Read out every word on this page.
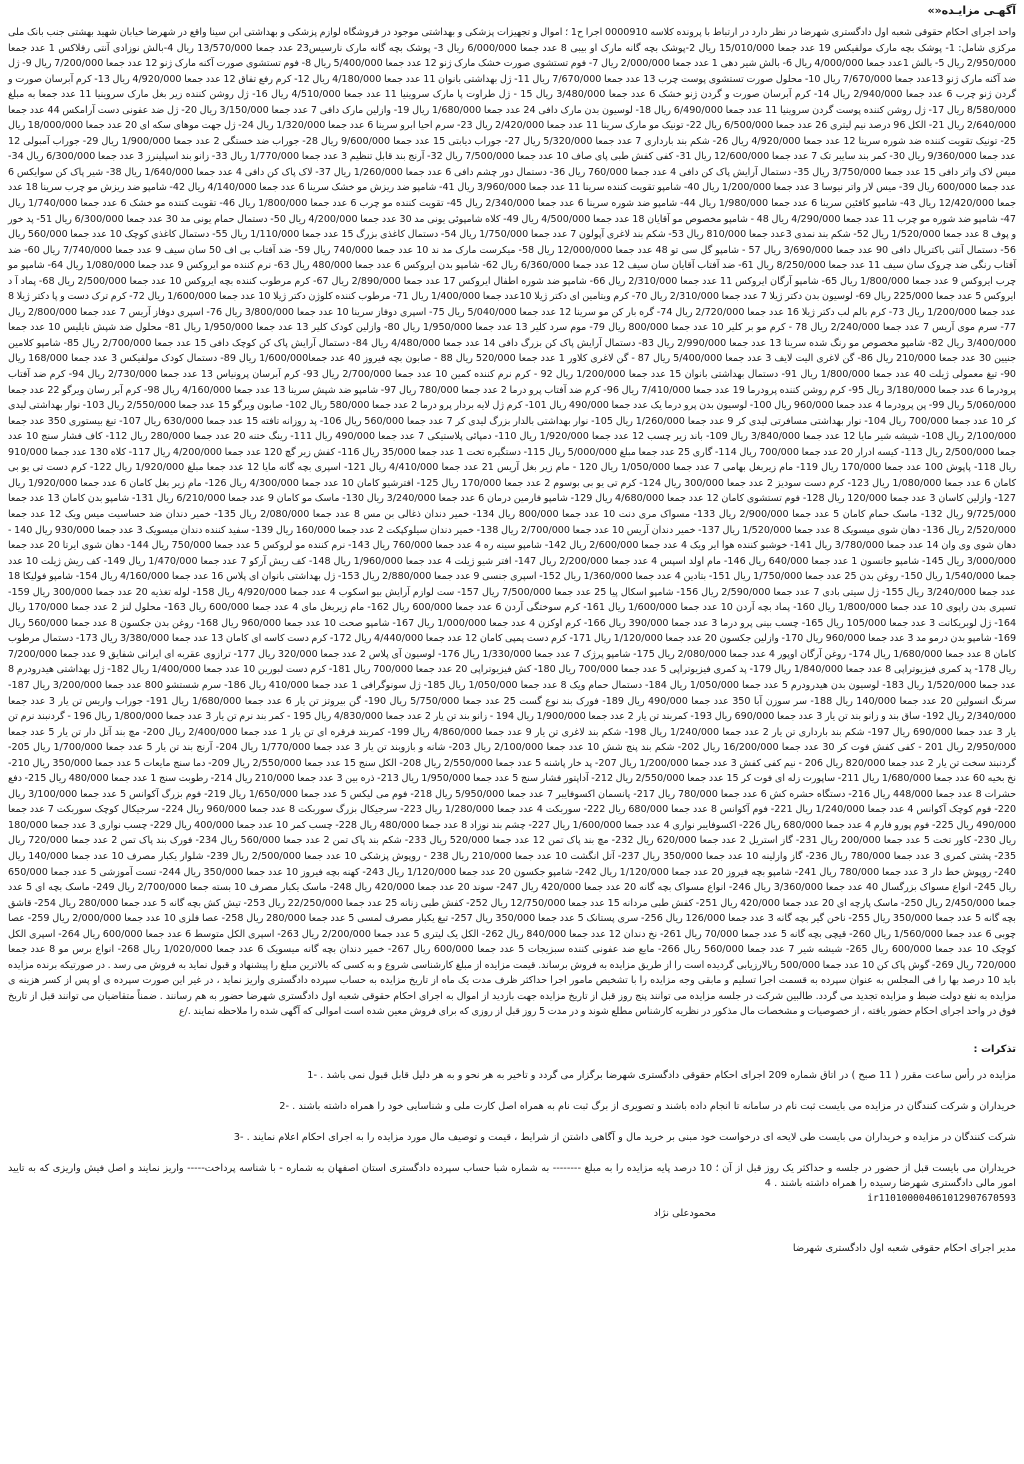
آگهـی مزایـده«»

واحد اجرای احکام حقوقی شعبه اول دادگستری شهرضا در نظر دارد در ارتباط با پرونده کلاسه 0000910 اجرا ح1 ؛ اموال و تجهیزات پزشکی و بهداشتی موجود در فروشگاه لوازم پزشکی و بهداشتی ابن سینا واقع در شهرضا خیابان شهید بهشتی جنب بانک ملی مرکزی شامل: 1- پوشک بچه مارک مولفیکس 19 عدد جمعا 15/010/000 ریال 2-پوشک بچه گانه مارک او بیبی 8 عدد جمعا 6/000/000 ریال 3- پوشک بچه گانه مارک نارسیس23 عدد جمعا 13/570/000 ریال 4-بالش نوزادی آنتی رفلاکس 1 عدد جمعا 2/950/000 ریال 5- بالش 1عدد جمعا 4/000/000 ریال 6- بالش شیر دهی 1 عدد جمعا 2/000/000 ریال 7- فوم تستشوی صورت خشک مارک ژنو 12 عدد جمعا 5/400/000 ریال 8- فوم تستشوی صورت آکنه مارک ژنو 12 عدد جمعا 7/200/000 ریال 9- ژل ضد آکنه مارک ژنو 13عدد جمعا 7/670/000 ریال 10- محلول صورت تستشوی پوست چرب 13 عدد جمعا 7/670/000 ریال 11- ژل بهداشتی بانوان 11 عدد جمعا 4/180/000 ریال 12- کرم رفع تفاق 12 عدد جمعا 4/920/000 ریال 13- کرم آبرسان صورت و گردن ژنو چرب 6 عدد جمعا 2/940/000 ریال 14- کرم آبرسان صورت و گردن ژنو خشک 6 عدد جمعا 3/480/000 ریال 15 - ژل طراوت پا مارک سروینیا 11 عدد جمعا 4/510/000 ریال 16- ژل روشن کننده زیر بغل مارک سروینیا 11 عدد جمعا به مبلغ 8/580/000 ریال 17- ژل روشن کننده پوست گردن سروینیا 11 عدد جمعا 6/490/000 ریال 18- لوسیون بدن مارک دافی 24 عدد جمعا 1/680/000 ریال 19- وازلین مارک دافی 7 عدد جمعا 3/150/000 ریال 20- ژل ضد عفونی دست آرامکس 44 عدد جمعا 2/640/000 ریال 21- الکل 96 درصد نیم لیتری 26 عدد جمعا 6/500/000 ریال 22- تونیک مو مارک سرینا 11 عدد جمعا 2/420/000 ریال 23- سرم احیا ابرو سرینا 6 عدد جمعا 1/320/000 ریال 24- ژل جهت موهای سکه ای 20 عدد جمعا 18/000/000 ریال 25- تونیک تقویت کننده ضد شوره سرینا 12 عدد جمعا 4/920/000 ریال 26- شکم بند بارداری 7 عدد جمعا 5/320/000 ریال 27- جوراب دیابتی 15 عدد جمعا 9/600/000 ریال 28- جوراب ضد خستگی 2 عدد جمعا 1/900/000 ریال 29- جوراب آمبولی 12 عدد جمعا 9/360/000 ریال 30- کمر بند سایبر تک 7 عدد جمعا 12/600/000 ریال 31- کفی کفش طبی پای صاف 10 عدد جمعا 7/500/000 ریال 32- آرنج بند قابل تنظیم 3 عدد جمعا 1/770/000 ریال 33- زانو بند اسپلینرز 3 عدد جمعا 6/300/000 ریال 34- میس لاک واتر دافی 15 عدد جمعا 3/750/000 ریال 35- دستمال آرایش پاک کن دافی 4 عدد جمعا 760/000 ریال 36- دستمال دور چشم دافی 6 عدد جمعا 1/260/000 ریال 37- لاک پاک کن دافی 4 عدد جمعا 1/640/000 ریال 38- شیر پاک کن سوایکس 6 عدد جمعا 600/000 ریال 39- میس لار واتر نیوسا 3 عدد جمعا 1/200/000 ریال 40- شامپو تقویت کننده سرینا 11 عدد جمعا 3/960/000 ریال 41- شامپو ضد ریزش مو خشک سرینا 6 عدد جمعا 4/140/000 ریال 42- شامپو ضد ریزش مو چرب سرینا 18 عدد جمعا 12/420/000 ریال 43- شامپو کافئین سرینا 6 عدد جمعا 1/980/000 ریال 44- شامپو ضد شوره سرینا 6 عدد جمعا 2/340/000 ریال 45- تقویت کننده مو چرب 6 عدد جمعا 1/800/000 ریال 46- تقویت کننده مو خشک 6 عدد جمعا 1/740/000 ریال 47- شامپو ضد شوره مو چرب 11 عدد جمعا 4/290/000 ریال 48 - شامپو مخصوص مو آقایان 18 عدد جمعا 4/500/000 ریال 49- کلاه شامپوئی یونی مد 30 عدد جمعا 4/200/000 ریال 50- دستمال حمام یونی مد 30 عدد جمعا 6/300/000 ریال 51- پد خور و پوف 8 عدد جمعا 1/520/000 ریال 52- شکم بند نمدی 3عدد جمعا 810/000 ریال 53- شکم بند لاغری آپولون 7 عدد جمعا 1/750/000 ریال 54- دستمال کاغذی بزرگ 15 عدد جمعا 1/110/000 ریال 55- دستمال کاغذی کوچک 10 عدد جمعا 560/000 ریال 56- دستمال آنتی باکتریال دافی 90 عدد جمعا 3/690/000 ریال 57 - شامپو گل سی تو 48 عدد جمعا 12/000/000 ریال 58- میکرست مارک مد ند 10 عدد جمعا 740/000 ریال 59- ضد آفتاب بی اف 50 سان سیف 9 عدد جمعا 7/740/000 ریال 60- ضد آفتاب رنگی ضد چروک سان سیف 11 عدد جمعا 8/250/000 ریال 61- ضد آفتاب آقایان سان سیف 12 عدد جمعا 6/360/000 ریال 62- شامپو بدن ایروکس 6 عدد جمعا 480/000 ریال 63- نرم کننده مو ایروکس 9 عدد جمعا 1/080/000 ریال 64- شامپو مو چرب ایروکس 9 عدد جمعا 1/800/000 ریال 65- شامپو آرگان ایروکس 11 عدد جمعا 2/310/000 ریال 66- شامپو ضد شوره اطفال ایروکس 17 عدد جمعا 2/890/000 ریال 67- کرم مرطوب کننده بچه ایروکس 10 عدد جمعا 2/500/000 ریال 68- پماد آ د ایروکس 5 عدد جمعا 225/000 ریال 69- لوسیون بدن دکتر ژیلا 7 عدد جمعا 2/310/000 ریال 70- کرم ویتامین ای دکتر ژیلا 10عدد جمعا 1/400/000 ریال 71- مرطوب کننده کلوژن دکتر ژیلا 10 عدد جمعا 1/600/000 ریال 72- کرم ترک دست و پا دکتر ژیلا 8 عدد جمعا 1/200/000 ریال 73- کرم بالم لب دکتر ژیلا 16 عدد جمعا 2/720/000 ریال 74- گره بار کن مو سرینا 12 عدد جمعا 5/040/000 ریال 75- اسپری دوفاز سرینا 10 عدد جمعا 3/800/000 ریال 76- اسپری دوفاز آریس 7 عدد جمعا 2/800/000 ریال 77- سرم موی آریس 7 عدد جمعا 2/240/000 ریال 78 - کرم مو بر کلیر 10 عدد جمعا 800/000 ریال 79- موم سرد کلیر 13 عدد جمعا 1/950/000 ریال 80- وازلین کودک کلیر 13 عدد جمعا 1/950/000 ریال 81- محلول ضد شپش نایلیس 10 عدد جمعا 3/400/000 ریال 82- شامپو مخصوص مو رنگ شده سرینا 13 عدد جمعا 2/990/000 ریال 83- دستمال آرایش پاک کن بزرگ دافی 14 عدد جمعا 4/480/000 ریال 84- دستمال آرایش پاک کن کوچک دافی 15 عدد جمعا 2/700/000 ریال 85- شامپو کلامین جنیین 30 عدد جمعا 210/000 ریال 86- گن لاغری الیت لایف 3 عدد جمعا 5/400/000 ریال 87 - گن لاغری کلاور 1 عدد جمعا 520/000 ریال 88 - صابون بچه فیروز 40 عدد جمعا1/600/000 ریال 89- دستمال کودک مولفیکس 3 عدد جمعا 168/000 ریال 90- تیغ معمولی ژیلت 40 عدد جمعا 1/800/000 ریال 91- دستمال بهداشتی بانوان 15 عدد جمعا 1/200/000 ریال 92 - کرم نرم کننده کمین 10 عدد جمعا 2/700/000 ریال 93- کرم آبرسان پرونیاس 13 عدد جمعا 2/730/000 ریال 94- کرم ضد آفتاب پرودرما 6 عدد جمعا 3/180/000 ریال 95- کرم روشن کننده پرودرما 19 عدد جمعا 7/410/000 ریال 96- کرم ضد آفتاب پرو درما 2 عدد جمعا 780/000 ریال 97- شامپو ضد شپش سرینا 13 عدد جمعا 4/160/000 ریال 98- کرم آبر رسان ویرگو 22 عدد جمعا 5/060/000 ریال 99- پن پرودرما 4 عدد جمعا 960/000 ریال 100- لوسیون بدن پرو درما یک عدد جمعا 490/000 ریال 101- کرم ژل لایه بردار پرو درما 2 عدد جمعا 580/000 ریال 102- صابون ویرگو 15 عدد جمعا 2/550/000 ریال 103- نوار بهداشتی لیدی کر 10 عدد جمعا 700/000 ریال 104- نوار بهداشتی مسافرتی لیدی کر 9 عدد جمعا 1/260/000 ریال 105- نوار بهداشتی بالدار بزرگ لیدی کر 7 عدد جمعا 560/000 ریال 106- پد روزانه تافته 15 عدد جمعا 630/000 ریال 107- تیغ بیستوری 350 عدد جمعا 2/100/000 ریال 108- شیشه شیر مایا 12 عدد جمعا 3/840/000 ریال 109- باند زیر چسب 12 عدد جمعا 1/920/000 ریال 110- دمپائی پلاستیکی 7 عدد جمعا 490/000 ریال 111- رینگ ختنه 20 عدد جمعا 280/000 ریال 112- کاف فشار سنج 10 عدد جمعا 2/500/000 ریال 113- کیسه ادرار 20 عدد جمعا 700/000 ریال 114- گاری 25 عدد جمعا مبلغ 5/000/000 ریال 115- دستگیره تخت 1 عدد جمعا 35/000 ریال 116- کفش زیر گچ 120 عدد جمعا 4/200/000 ریال 117- کلاه 130 عدد جمعا 910/000 ریال 118- پاپوش 100 عدد جمعا 170/000 ریال 119- مام زیربغل بهامی 7 عدد جمعا 1/050/000 ریال 120 - مام زیر بغل آریس 21 عدد جمعا 4/410/000 ریال 121- اسپری بچه گانه مایا 12 عدد جمعا مبلغ 1/920/000 ریال 122- کرم دست تی یو بی کامان 6 عدد جمعا 1/080/000 ریال 123- کرم دست سودیز 2 عدد جمعا 300/000 ریال 124- کرم تی یو بی بوسوم 2 عدد جمعا 170/000 ریال 125- افترشیو کامان 10 عدد جمعا 4/300/000 ریال 126- مام زیر بغل کامان 6 عدد جمعا 1/920/000 ریال 127- وازلین کاسان 3 عدد جمعا 120/000 ریال 128- فوم تستشوی کامان 12 عدد جمعا 4/680/000 ریال 129- شامپو فارمین درمان 6 عدد جمعا 3/240/000 ریال 130- ماسک مو کامان 9 عدد جمعا 6/210/000 ریال 131- شامپو بدن کامان 13 عدد جمعا 9/725/000 ریال 132- ماسک حمام کامان 5 عدد جمعا 2/900/000 ریال 133- مسواک مری دنت 10 عدد جمعا 800/000 ریال 134- خمیر دندان ذغالی بن مس 8 عدد جمعا 2/080/000 ریال 135- خمیر دندان ضد حساسیت میس ویک 12 عدد جمعا 2/520/000 ریال 136- دهان شوی میسویک 8 عدد جمعا 1/520/000 ریال 137- خمیر دندان آریس 10 عدد جمعا 2/700/000 ریال 138- خمیر دندان سیلوکپکت 2 عدد جمعا 160/000 ریال 139- سفید کننده دندان میسویک 3 عدد جمعا 930/000 ریال 140 - دهان شوی وی وان 14 عدد جمعا 3/780/000 ریال 141- خوشبو کننده هوا ایر ویک 4 عدد جمعا 2/600/000 ریال 142- شامپو سینه ره 4 عدد جمعا 760/000 ریال 143- نرم کننده مو لروکس 5 عدد جمعا 750/000 ریال 144- دهان شوی ایرتا 20 عدد جمعا 3/000/000 ریال 145- شامپو جانسون 1 عدد جمعا 640/000 ریال 146- مام اولد اسپس 4 عدد جمعا 2/200/000 ریال 147- افتر شیو ژیلت 4 عدد جمعا 1/960/000 ریال 148- کف ریش آرکو 7 عدد جمعا 1/470/000 ریال 149- کف ریش ژیلت 10 عدد جمعا 1/540/000 ریال 150- روغن بدن 25 عدد جمعا 1/750/000 ریال 151- بتادین 4 عدد جمعا 1/360/000 ریال 152- اسپری جنسی 9 عدد جمعا 2/880/000 ریال 153- ژل بهداشتی بانوان ای پلاس 16 عدد جمعا 4/160/000 ریال 154- شامپو فولیکا 18 عدد جمعا 3/240/000 ریال 155- ژل سیتی بادی 7 عدد جمعا 2/590/000 ریال 156- شامپو اسکال پیا 25 عدد جمعا 7/500/000 ریال 157- ست لوازم آرایش بیو اسکوب 4 عدد جمعا 4/920/000 ریال 158- لوله تغذیه 20 عدد جمعا 300/000 ریال 159- تسپری بدن راپوی 10 عدد جمعا 1/800/000 ریال 160- پماد بچه آردن 10 عدد جمعا 1/600/000 ریال 161- کرم سوختگی آردن 6 عدد جمعا 600/000 ریال 162- مام زیربغل مای 4 عدد جمعا 600/000 ریال 163- محلول لنز 2 عدد جمعا 170/000 ریال 164- ژل لوبریکانت 3 عدد جمعا 105/000 ریال 165- چسب بینی پرو درما 3 عدد جمعا 390/000 ریال 166- کرم اوکزن 4 عدد جمعا 1/000/000 ریال 167- شامپو صحت 10 عدد جمعا 960/000 ریال 168- روغن بدن جکسون 8 عدد جمعا 560/000 ریال 169- شامپو بدن درمو مد 3 عدد جمعا 960/000 ریال 170- وازلین جکسون 20 عدد جمعا 1/120/000 ریال 171- کرم دست پمپی کامان 12 عدد جمعا 4/440/000 ریال 172- کرم دست کاسه ای کامان 13 عدد جمعا 3/380/000 ریال 173- دستمال مرطوب کامان 8 عدد جمعا 1/680/000 ریال 174- روغن آرگان اوپور 4 عدد جمعا 2/080/000 ریال 175- شامپو پرژک 7 عدد جمعا 1/330/000 ریال 176- لوسیون آی پلاس 2 عدد جمعا 320/000 ریال 177- ترازوی عقربه ای ایرانی شفایق 9 عدد جمعا 7/200/000 ریال 178- پد کمری فیزیوتراپی 8 عدد جمعا 1/840/000 ریال 179- پد کمری فیزیوتراپی 5 عدد جمعا 700/000 ریال 180- کش فیزیوتراپی 20 عدد جمعا 700/000 ریال 181- کرم دست لبورین 10 عدد جمعا 1/400/000 ریال 182- ژل بهداشتی هیدرودرم 8 عدد جمعا 1/520/000 ریال 183- لوسیون بدن هیدرودرم 5 عدد جمعا 1/050/000 ریال 184- دستمال حمام ویک 8 عدد جمعا 1/050/000 ریال 185- ژل سونوگرافی 1 عدد جمعا 410/000 ریال 186- سرم شستشو 800 عدد جمعا 3/200/000 ریال 187- سرنگ انسولین 20 عدد جمعا 140/000 ریال 188- سر سوزن آبا 350 عدد جمعا 490/000 ریال 189- فورک بند نوع گست 25 عدد جمعا 5/750/000 ریال 190- گن بیروتز تن یار 6 عدد جمعا 1/680/000 ریال 191- جوراب واریس تن یار 3 عدد جمعا 2/340/000 ریال 192- ساق بند و زانو بند تن یار 3 عدد جمعا 690/000 ریال 193- کمربند تن یار 2 عدد جمعا 1/900/000 ریال 194 - زانو بند تن یار 2 عدد جمعا 4/830/000 ریال 195 - کمر بند نرم تن یار 3 عدد جمعا 1/800/000 ریال 196 - گردنبند نرم تن یار 3 عدد جمعا 690/000 ریال 197- شکم بند بارداری تن یار 2 عدد جمعا 1/240/000 ریال 198- شکم بند لاغری تن یار 9 عدد جمعا 4/860/000 ریال 199- کمربند فرقره ای تن یار 1 عدد جمعا 2/400/000 ریال 200- مچ بند آتل دار تن یار 5 عدد جمعا 2/950/000 ریال 201 - کفی کفش فوت کر 30 عدد جمعا 16/200/000 ریال 202- شکم بند پنج شش 10 عدد جمعا 2/100/000 ریال 203- شانه و بازوبند تن یار 3 عدد جمعا 1/770/000 ریال 204- آرنج بند تن یار 5 عدد جمعا 1/700/000 ریال 205- گردنبند سخت تن یار 2 عدد جمعا 820/000 ریال 206 - نیم کفی کفش 3 عدد جمعا 1/200/000 ریال 207- پد خار پاشنه 5 عدد جمعا 2/550/000 ریال 208- الکل سنج 15 عدد جمعا 2/550/000 ریال 209- دما سنج مایعات 5 عدد جمعا 350/000 ریال 210- نخ بخیه 60 عدد جمعا 1/680/000 ریال 211- ساپورت زله ای فوت کر 15 عدد جمعا 2/550/000 ریال 212- آداپتور فشار سنج 5 عدد جمعا 1/950/000 ریال 213- ذره بین 3 عدد جمعا 210/000 ریال 214- رطوبت سنج 1 عدد جمعا 480/000 ریال 215- دفع حشرات 8 عدد جمعا 448/000 ریال 216- دستگاه حشره کش 6 عدد جمعا 780/000 ریال 217- پانسمان اکسوفایبر 7 عدد جمعا 5/950/000 ریال 218- فوم می لیکس 5 عدد جمعا 1/650/000 ریال 219- فوم بزرگ آکوانس 5 عدد جمعا 3/100/000 ریال 220- فوم کوچک آکوانس 4 عدد جمعا 1/240/000 ریال 221- فوم آکوانس 8 عدد جمعا 680/000 ریال 222- سوربکت 4 عدد جمعا 1/280/000 ریال 223- سرجیکال بزرگ سوربکت 8 عدد جمعا 960/000 ریال 224- سرجیکال کوچک سوربکت 7 عدد جمعا 490/000 ریال 225- فوم پورو فارم 4 عدد جمعا 680/000 ریال 226- اکسوفایبر نواری 4 عدد جمعا 1/600/000 ریال 227- چشم بند نوزاد 8 عدد جمعا 480/000 ریال 228- چسب کمر 10 عدد جمعا 400/000 ریال 229- چسب نواری 3 عدد جمعا 180/000 ریال 230- کاور تخت 5 عدد جمعا 200/000 ریال 231- گاز استریل 2 عدد جمعا 620/000 ریال 232- مچ بند پاک تمن 12 عدد جمعا 520/000 ریال 233- شکم بند پاک تمن 2 عدد جمعا 560/000 ریال 234- فورک بند پاک تمن 2 عدد جمعا 720/000 ریال 235- پشتی کمری 3 عدد جمعا 780/000 ریال 236- گاز وازلینه 10 عدد جمعا 350/000 ریال 237- آتل انگشت 10 عدد جمعا 210/000 ریال 238 - روپوش پزشکی 10 عدد جمعا 2/500/000 ریال 239- شلوار یکبار مصرف 10 عدد جمعا 140/000 ریال 240- روپوش خط دار 3 عدد جمعا 780/000 ریال 241- شامپو بچه فیروز 20 عدد جمعا 1/120/000 ریال 242- شامپو جکسون 20 عدد جمعا 1/120/000 ریال 243- کهنه بچه فیروز 10 عدد جمعا 350/000 ریال 244- تست آموزشی 5 عدد جمعا 650/000 ریال 245- انواع مسواک بزرگسال 40 عدد جمعا 3/360/000 ریال 246- انواع مسواک بچه گانه 20 عدد جمعا 420/000 ریال 247- سوند 20 عدد جمعا 420/000 ریال 248- ماسک یکبار مصرف 10 بسته جمعا 2/700/000 ریال 249- ماسک بچه ای 5 عدد جمعا 2/450/000 ریال 250- ماسک پارچه ای 20 عدد جمعا 420/000 ریال 251- کفش طبی مردانه 15 عدد جمعا 12/750/000 ریال 252- کفش طبی زنانه 25 عدد جمعا 22/250/000 ریال 253- تیش کش بچه گانه 5 عدد جمعا 280/000 ریال 254- قاشق بچه گانه 5 عدد جمعا 350/000 ریال 255- ناخن گیر بچه گانه 3 عدد جمعا 126/000 ریال 256- سری پستانک 5 عدد جمعا 350/000 ریال 257- تیغ یکبار مصرف لمسی 5 عدد جمعا 280/000 ریال 258- عصا فلزی 10 عدد جمعا 2/000/000 ریال 259- عصا چوبی 6 عدد جمعا 1/560/000 ریال 260- قیچی بچه گانه 5 عدد جمعا 70/000 ریال 261- نخ دندان 12 عدد جمعا 840/000 ریال 262- الکل یک لیتری 5 عدد جمعا 2/200/000 ریال 263- اسپری الکل متوسط 6 عدد جمعا 600/000 ریال 264- اسپری الکل کوچک 10 عدد جمعا 600/000 ریال 265- شیشه شیر 7 عدد جمعا 560/000 ریال 266- مایع ضد عفونی کننده سبزیجات 5 عدد جمعا 600/000 ریال 267- خمیر دندان بچه گانه میسویک 6 عدد جمعا 1/020/000 ریال 268- انواع برس مو 8 عدد جمعا 720/000 ریال 269- گوش پاک کن 10 عدد جمعا 500/000 ریالارزیابی گردیده است را از طریق مزایده به فروش برساند. قیمت مزایده از مبلغ کارشناسی شروع و به کسی که بالاترین مبلغ را پیشنهاد و قبول نماید به فروش می رسد . در صورتیکه برنده مزایده باید 10 درصد بها را فی المجلس به عنوان سپرده به قسمت اجرا تسلیم و مابقی وجه مزایده را با تشخیص مامور اجرا حداکثر ظرف مدت یک ماه از تاریخ مزایده به حساب سپرده دادگستری واریز نماید ، در غیر این صورت سپرده ی او پس از کسر هزینه ی مزایده به نفع دولت ضبط و مزایده تجدید می گردد. طالبین شرکت در جلسه مزایده می توانند پنج روز قبل از تاریخ مزایده جهت بازدید از اموال به اجرای احکام حقوقی شعبه اول دادگستری شهرضا حضور به هم رسانند . ضمناً متقاضیان می توانند قبل از تاریخ فوق در واحد اجرای احکام حضور یافته ، از خصوصیات و مشخصات مال مذکور در نظریه کارشناس مطلع شوند و در مدت 5 روز قبل از روزی که برای فروش معین شده است اموالی که آگهی شده را ملاحظه نمایند ./ع

تذکرات :
مزایده در رأس ساعت مقرر ( 11 صبح ) در اتاق شماره 209 اجرای احکام حقوقی دادگستری شهرضا برگزار می گردد و تاخیر به هر نحو و به هر دلیل قابل قبول نمی باشد . -1
خریداران و شرکت کنندگان در مزایده می بایست ثبت نام در سامانه تا انجام داده باشند و تصویری از برگ ثبت نام به همراه اصل کارت ملی و شناسایی خود را همراه داشته باشند . -2
شرکت کنندگان در مزایده و خریداران می بایست طی لایحه ای درخواست خود مبنی بر خرید مال و آگاهی داشتن از شرایط ، قیمت و توصیف مال مورد مزایده را به اجرای احکام اعلام نمایند . -3
خریداران می بایست قبل از حضور در جلسه و حداکثر یک روز قبل از آن ؛ 10 درصد پایه مزایده را به مبلغ -------- به شماره شبا حساب سپرده دادگستری استان اصفهان به شماره - با شناسه پرداخت----- واریز نمایند و اصل فیش واریزی که به تایید امور مالی دادگستری شهرضا رسیده را همراه داشته باشند . 4
ir110100004061012907670593
محمودعلی نژاد
مدیر اجرای احکام حقوقی شعبه اول دادگستری شهرضا
